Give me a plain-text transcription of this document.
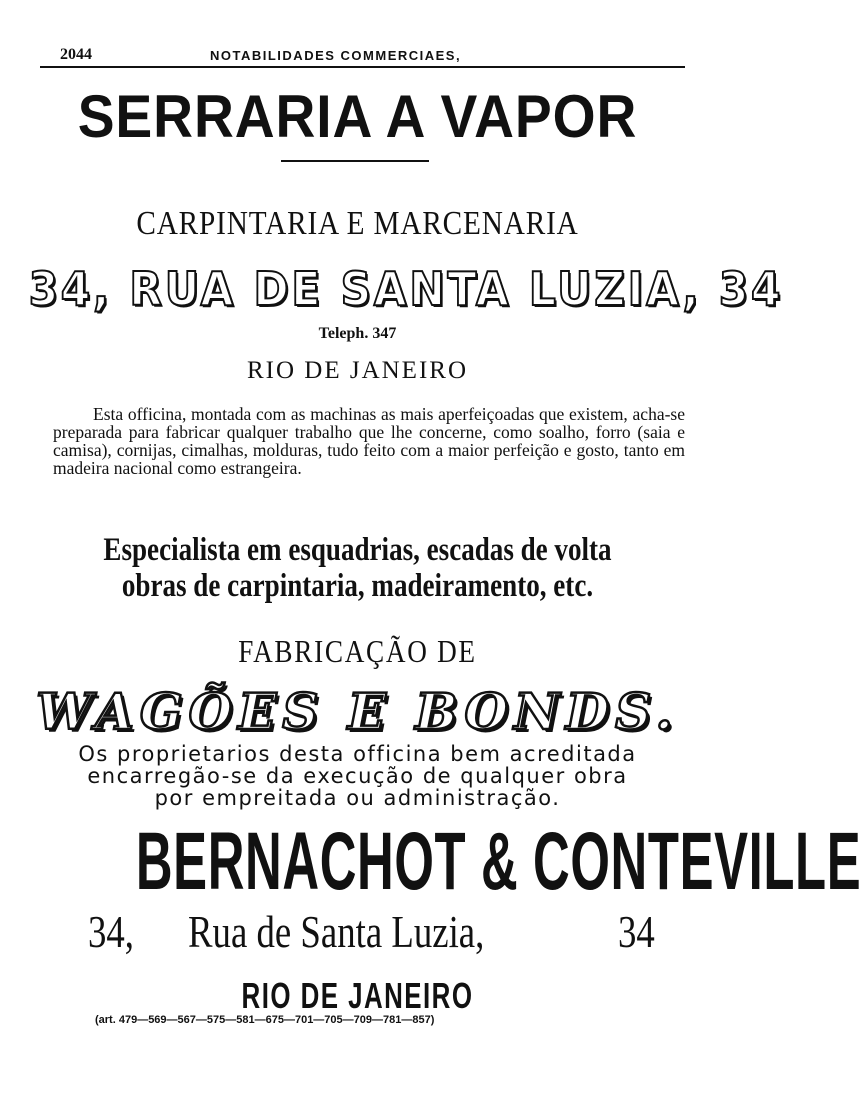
2044	NOTABILIDADES COMMERCIAES,
SERRARIA A VAPOR
CARPINTARIA E MARCENARIA
34, RUA DE SANTA LUZIA, 34
Teleph. 347
RIO DE JANEIRO
Esta officina, montada com as machinas as mais aperfeiçoadas que existem, acha-se preparada para fabricar qualquer trabalho que lhe concerne, como soalho, forro (saia e camisa), cornijas, cimalhas, molduras, tudo feito com a maior perfeição e gosto, tanto em madeira nacional como estrangeira.
Especialista em esquadrias, escadas de volta
obras de carpintaria, madeiramento, etc.
FABRICAÇÃO DE
WAGÕES E BONDS.
Os proprietarios desta officina bem acreditada
encarregão-se da execução de qualquer obra
por empreitada ou administração.
BERNACHOT & CONTEVILLE
34, Rua de Santa Luzia,	34
RIO DE JANEIRO
(art. 479—569—567—575—581—675—701—705—709—781—857)
